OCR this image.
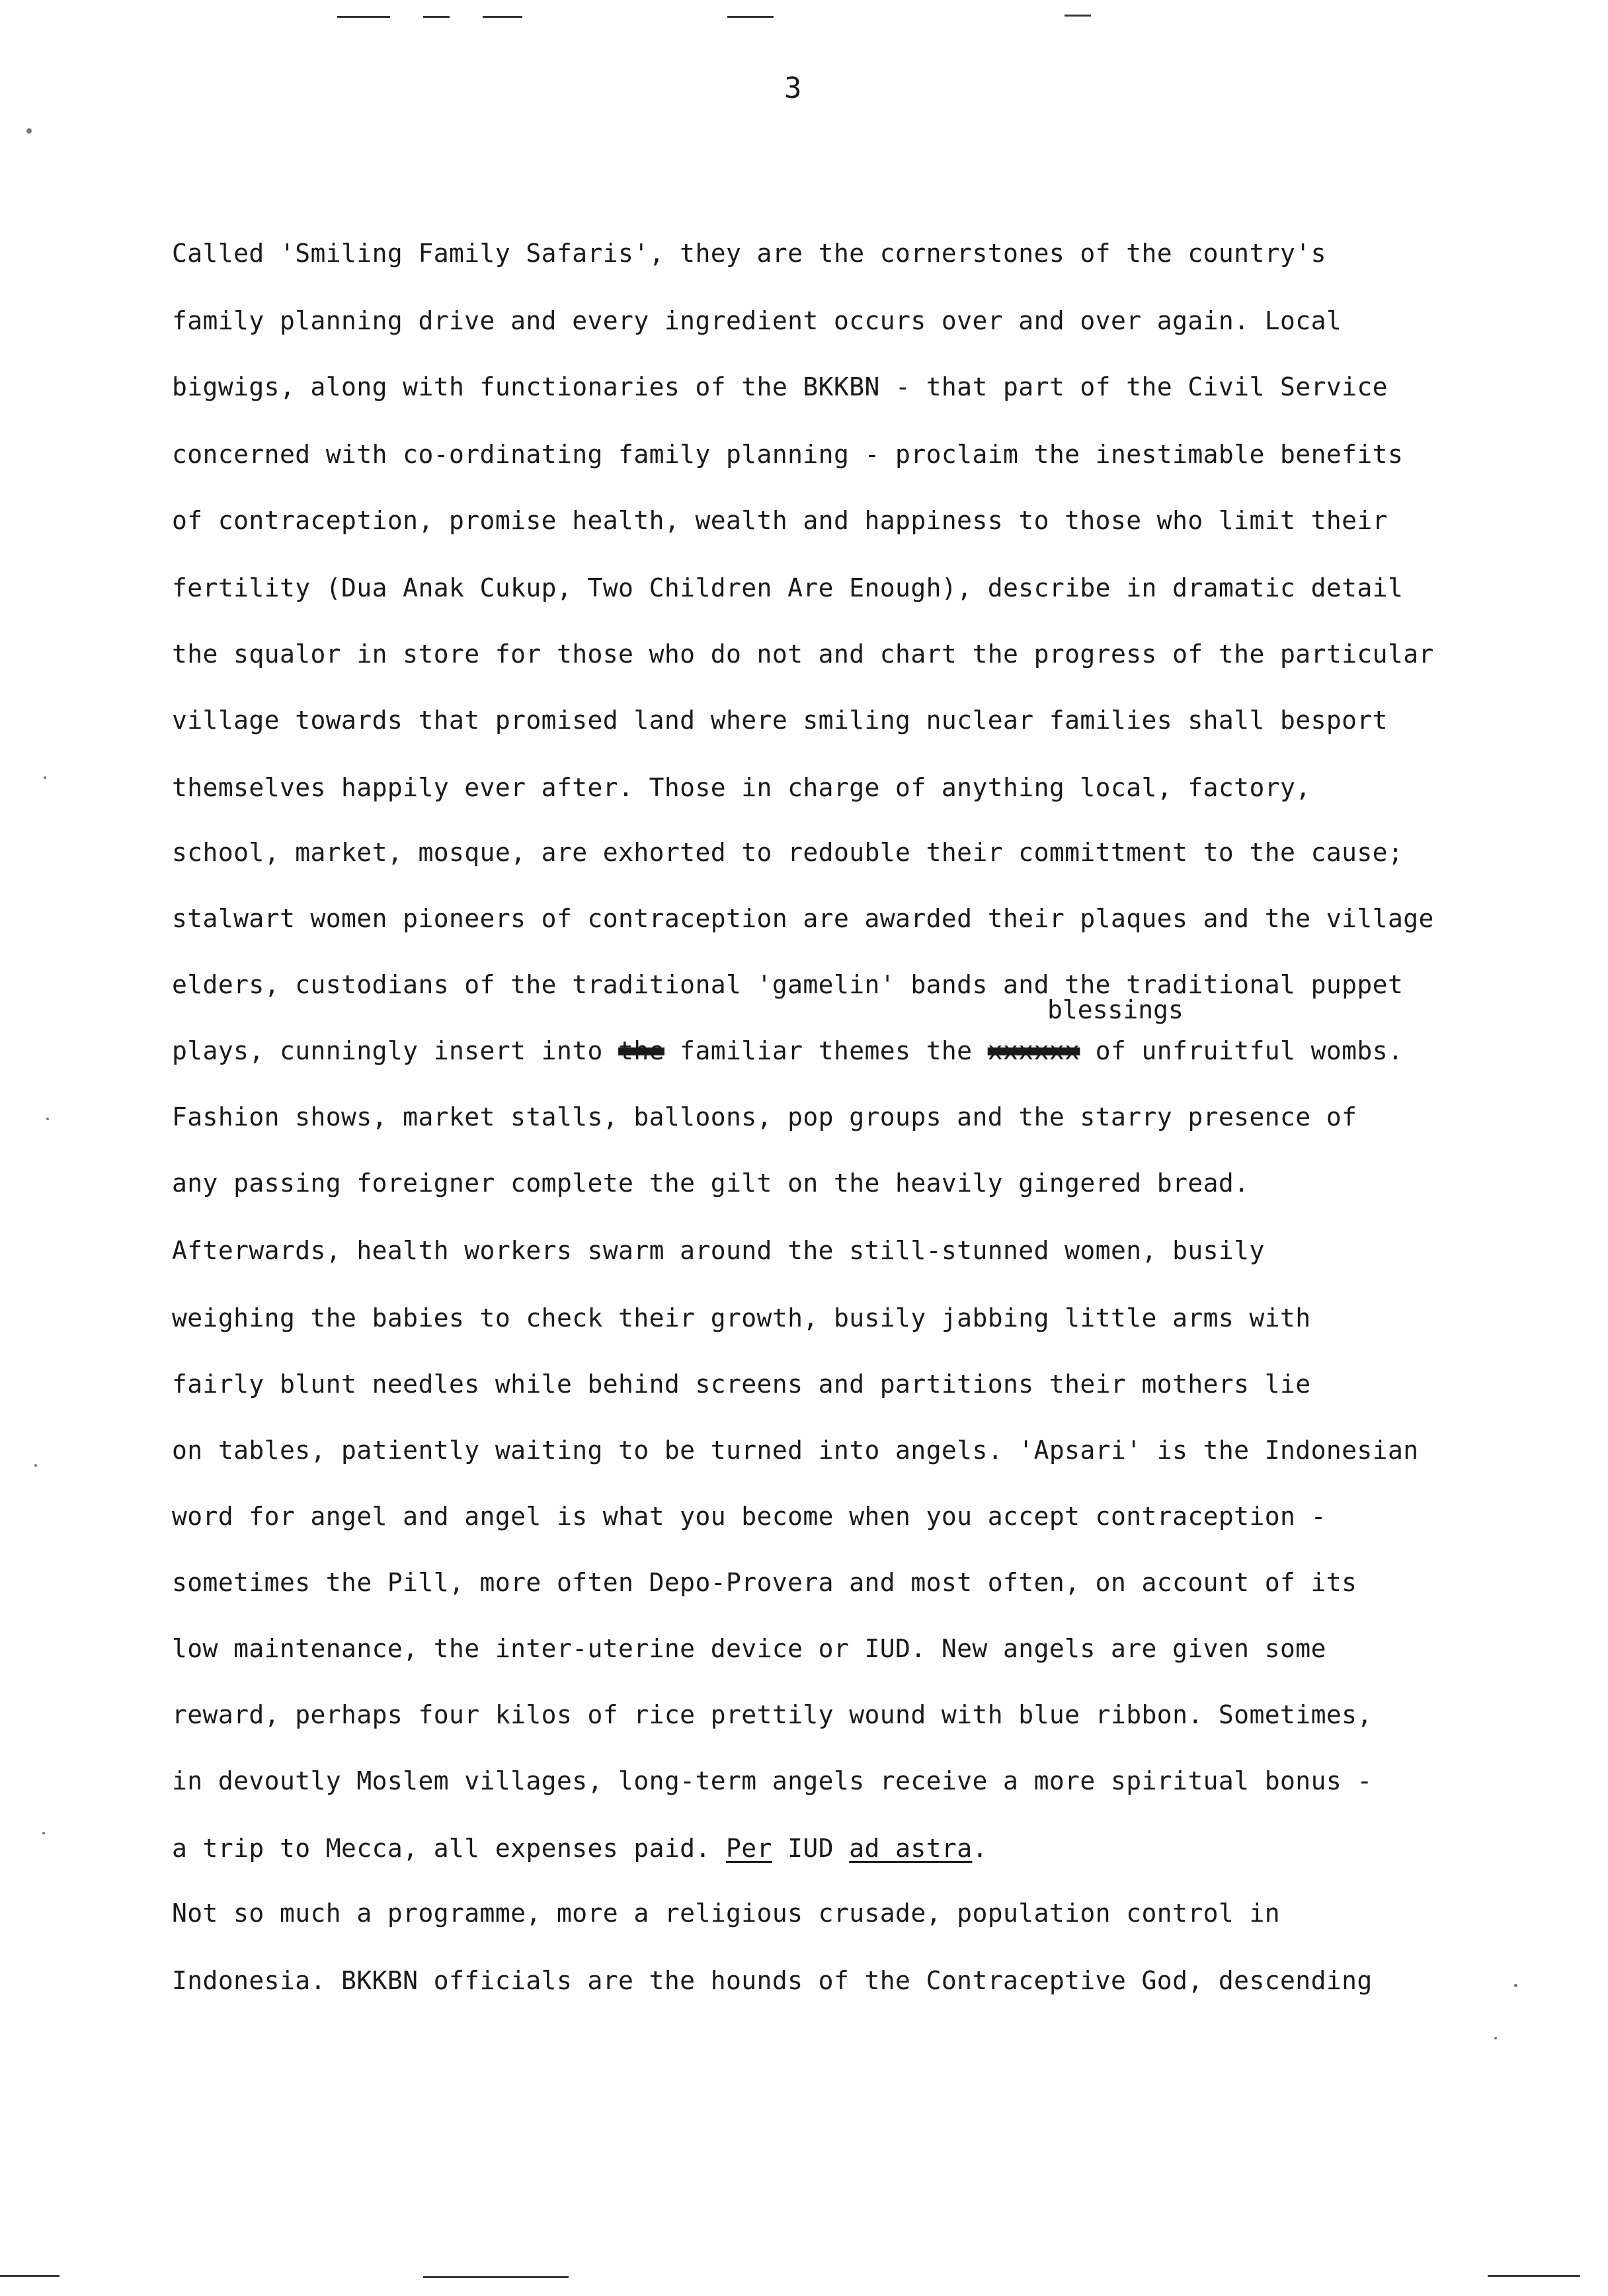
3
Called 'Smiling Family Safaris', they are the cornerstones of the country's
family planning drive and every ingredient occurs over and over again. Local
bigwigs, along with functionaries of the BKKBN - that part of the Civil Service
concerned with co-ordinating family planning - proclaim the inestimable benefits
of contraception, promise health, wealth and happiness to those who limit their
fertility (Dua Anak Cukup, Two Children Are Enough), describe in dramatic detail
the squalor in store for those who do not and chart the progress of the particular
village towards that promised land where smiling nuclear families shall besport
themselves happily ever after. Those in charge of anything local, factory,
school, market, mosque, are exhorted to redouble their committment to the cause;
stalwart women pioneers of contraception are awarded their plaques and the village
elders, custodians of the traditional 'gamelin' bands and the traditional puppet
blessings
plays, cunningly insert into the familiar themes the xxxxxx of unfruitful wombs.
Fashion shows, market stalls, balloons, pop groups and the starry presence of
any passing foreigner complete the gilt on the heavily gingered bread.
Afterwards, health workers swarm around the still-stunned women, busily
weighing the babies to check their growth, busily jabbing little arms with
fairly blunt needles while behind screens and partitions their mothers lie
on tables, patiently waiting to be turned into angels. 'Apsari' is the Indonesian
word for angel and angel is what you become when you accept contraception -
sometimes the Pill, more often Depo-Provera and most often, on account of its
low maintenance, the inter-uterine device or IUD. New angels are given some
reward, perhaps four kilos of rice prettily wound with blue ribbon. Sometimes,
in devoutly Moslem villages, long-term angels receive a more spiritual bonus -
a trip to Mecca, all expenses paid. Per IUD ad astra.
Not so much a programme, more a religious crusade, population control in
Indonesia. BKKBN officials are the hounds of the Contraceptive God, descending
